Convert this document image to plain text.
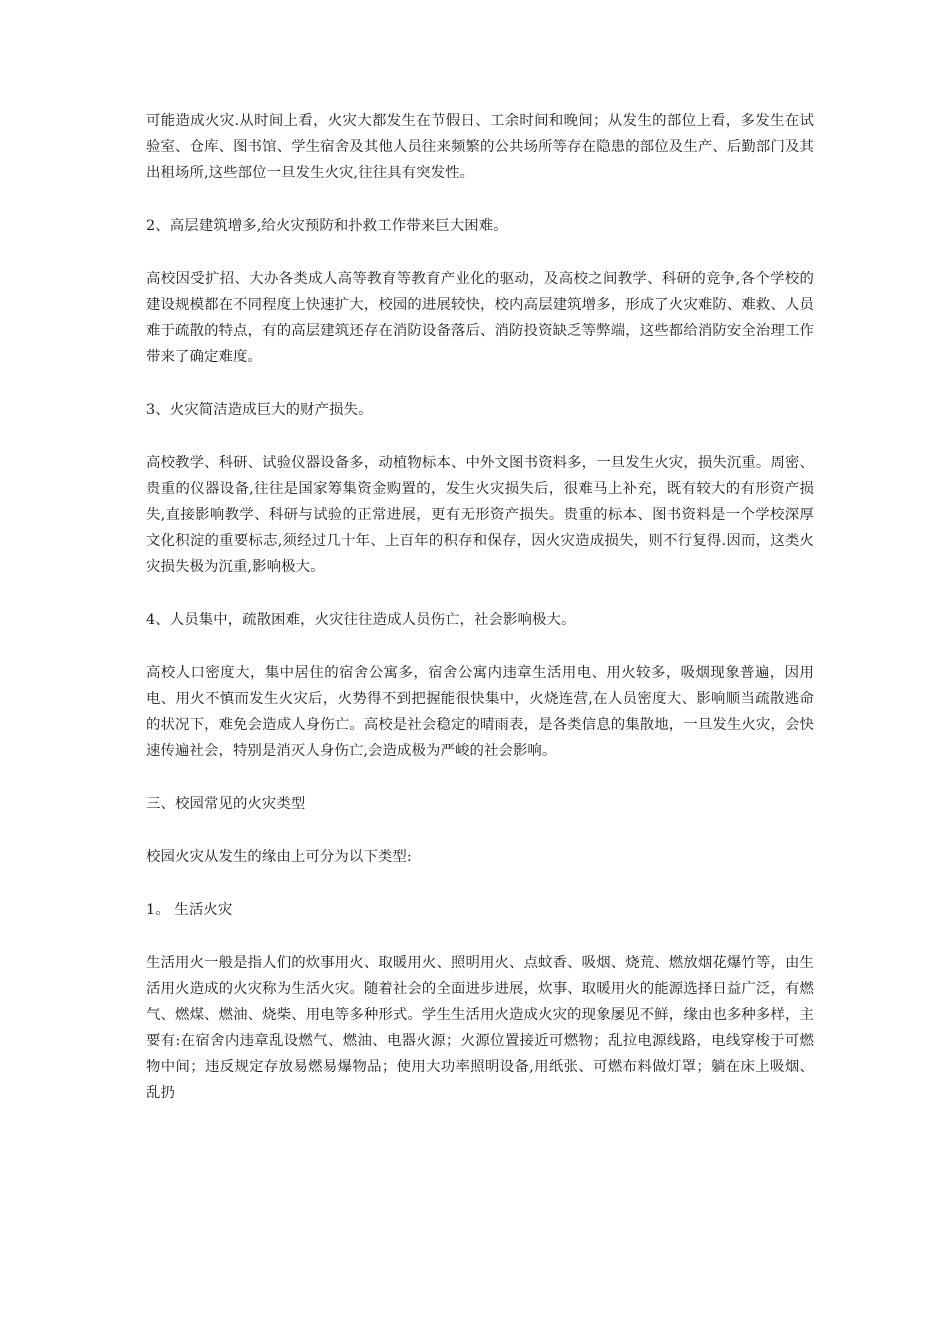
可能造成火灾.从时间上看，火灾大都发生在节假日、工余时间和晚间；从发生的部位上看，多发生在试验室、仓库、图书馆、学生宿舍及其他人员往来频繁的公共场所等存在隐患的部位及生产、后勤部门及其出租场所,这些部位一旦发生火灾,往往具有突发性。

2、高层建筑增多,给火灾预防和扑救工作带来巨大困难。

高校因受扩招、大办各类成人高等教育等教育产业化的驱动，及高校之间教学、科研的竞争,各个学校的建设规模都在不同程度上快速扩大，校园的进展较快，校内高层建筑增多，形成了火灾难防、难救、人员难于疏散的特点，有的高层建筑还存在消防设备落后、消防投资缺乏等弊端，这些都给消防安全治理工作带来了确定难度。

3、火灾简洁造成巨大的财产损失。

高校教学、科研、试验仪器设备多，动植物标本、中外文图书资料多，一旦发生火灾，损失沉重。周密、贵重的仪器设备,往往是国家筹集资金购置的，发生火灾损失后，很难马上补充，既有较大的有形资产损失,直接影响教学、科研与试验的正常进展，更有无形资产损失。贵重的标本、图书资料是一个学校深厚文化积淀的重要标志,须经过几十年、上百年的积存和保存，因火灾造成损失，则不行复得.因而，这类火灾损失极为沉重,影响极大。

4、人员集中，疏散困难，火灾往往造成人员伤亡，社会影响极大。

高校人口密度大，集中居住的宿舍公寓多，宿舍公寓内违章生活用电、用火较多，吸烟现象普遍，因用电、用火不慎而发生火灾后，火势得不到把握能很快集中，火烧连营,在人员密度大、影响顺当疏散逃命的状况下，难免会造成人身伤亡。高校是社会稳定的晴雨表，是各类信息的集散地，一旦发生火灾，会快速传遍社会，特别是消灭人身伤亡,会造成极为严峻的社会影响。

三、校园常见的火灾类型

校园火灾从发生的缘由上可分为以下类型:

1。 生活火灾

生活用火一般是指人们的炊事用火、取暖用火、照明用火、点蚊香、吸烟、烧荒、燃放烟花爆竹等，由生活用火造成的火灾称为生活火灾。随着社会的全面进步进展，炊事、取暖用火的能源选择日益广泛，有燃气、燃煤、燃油、烧柴、用电等多种形式。学生生活用火造成火灾的现象屡见不鲜，缘由也多种多样，主要有:在宿舍内违章乱设燃气、燃油、电器火源；火源位置接近可燃物；乱拉电源线路，电线穿梭于可燃物中间；违反规定存放易燃易爆物品；使用大功率照明设备,用纸张、可燃布料做灯罩；躺在床上吸烟、乱扔
